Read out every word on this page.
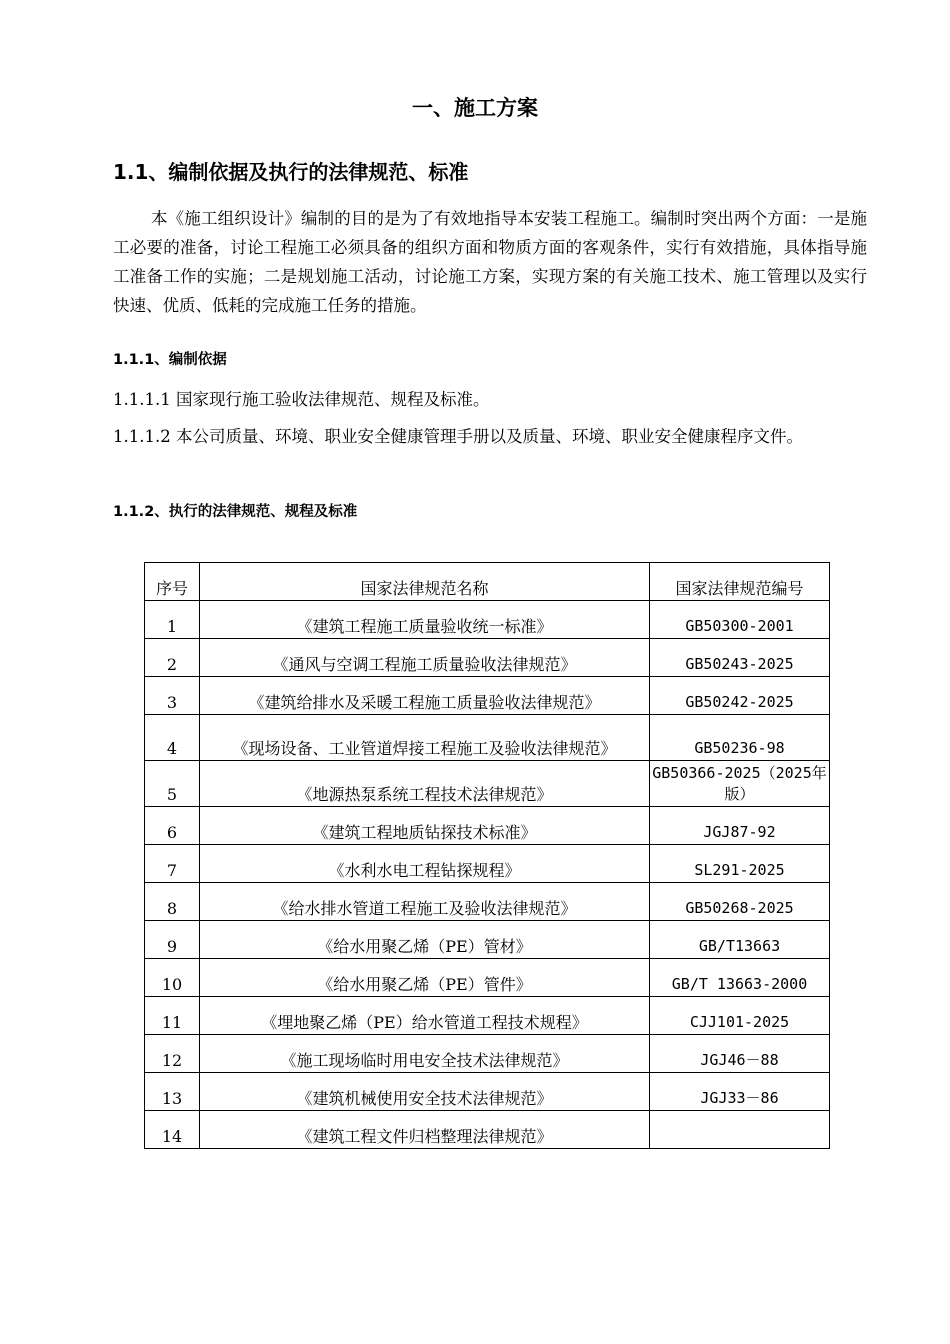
一、施工方案
1.1、编制依据及执行的法律规范、标准
本《施工组织设计》编制的目的是为了有效地指导本安装工程施工。编制时突出两个方面：一是施工必要的准备，讨论工程施工必须具备的组织方面和物质方面的客观条件，实行有效措施，具体指导施工准备工作的实施；二是规划施工活动，讨论施工方案，实现方案的有关施工技术、施工管理以及实行快速、优质、低耗的完成施工任务的措施。
1.1.1、编制依据
1.1.1.1 国家现行施工验收法律规范、规程及标准。
1.1.1.2 本公司质量、环境、职业安全健康管理手册以及质量、环境、职业安全健康程序文件。
1.1.2、执行的法律规范、规程及标准
序号	国家法律规范名称	国家法律规范编号
1	《建筑工程施工质量验收统一标准》	GB50300-2001
2	《通风与空调工程施工质量验收法律规范》	GB50243-2025
3	《建筑给排水及采暖工程施工质量验收法律规范》	GB50242-2025
4	《现场设备、工业管道焊接工程施工及验收法律规范》	GB50236-98
5	《地源热泵系统工程技术法律规范》	GB50366-2025（2025年版）
6	《建筑工程地质钻探技术标准》	JGJ87-92
7	《水利水电工程钻探规程》	SL291-2025
8	《给水排水管道工程施工及验收法律规范》	GB50268-2025
9	《给水用聚乙烯（PE）管材》	GB/T13663
10	《给水用聚乙烯（PE）管件》	GB/T 13663-2000
11	《埋地聚乙烯（PE）给水管道工程技术规程》	CJJ101-2025
12	《施工现场临时用电安全技术法律规范》	JGJ46－88
13	《建筑机械使用安全技术法律规范》	JGJ33－86
14	《建筑工程文件归档整理法律规范》	
